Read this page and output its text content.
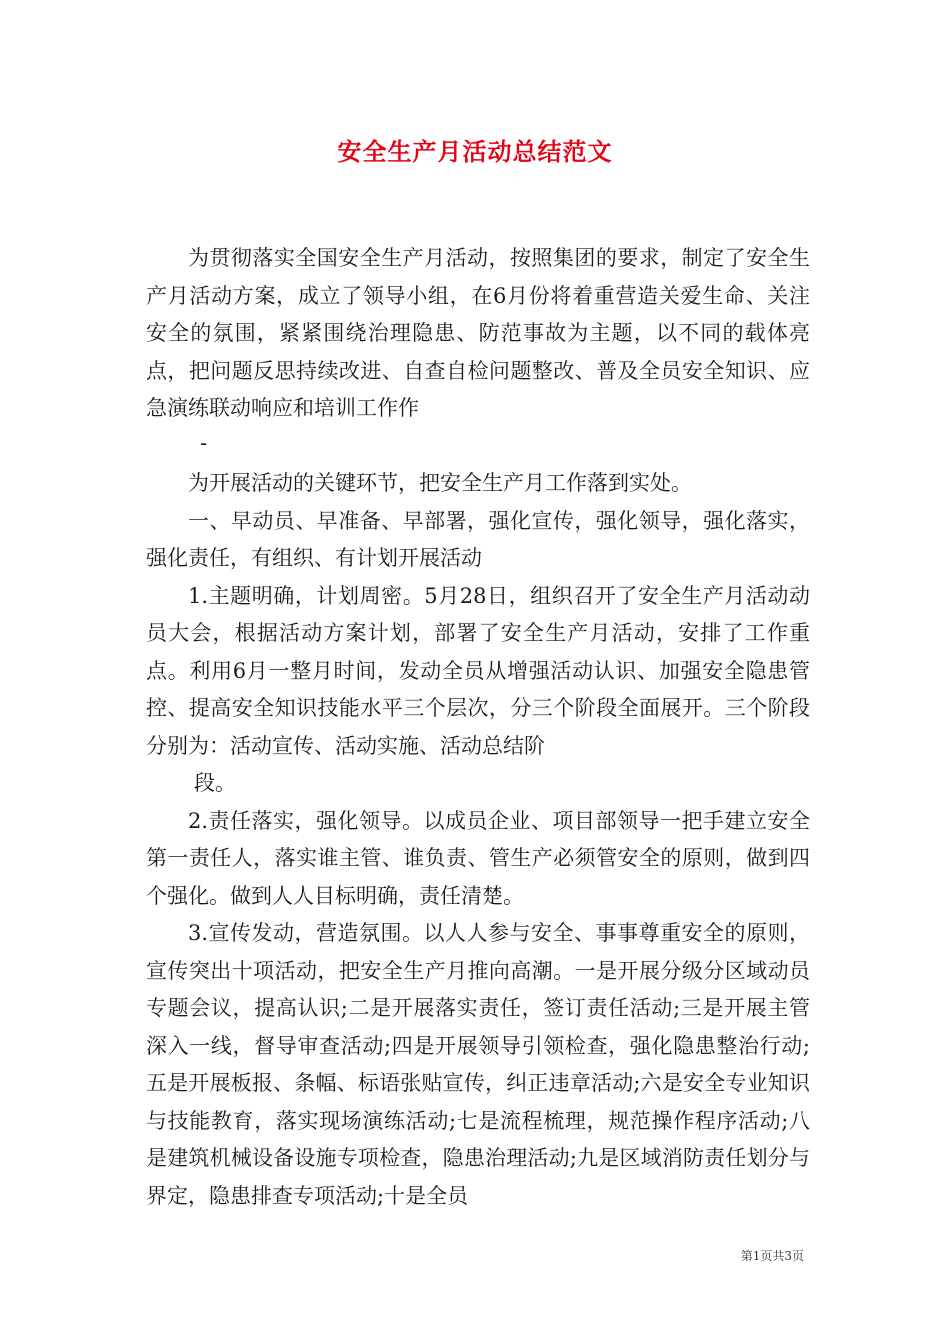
安全生产月活动总结范文

为贯彻落实全国安全生产月活动，按照集团的要求，制定了安全生产月活动方案，成立了领导小组，在6月份将着重营造关爱生命、关注安全的氛围，紧紧围绕治理隐患、防范事故为主题，以不同的载体亮点，把问题反思持续改进、自查自检问题整改、普及全员安全知识、应急演练联动响应和培训工作作

-

为开展活动的关键环节，把安全生产月工作落到实处。

一、早动员、早准备、早部署，强化宣传，强化领导，强化落实，强化责任，有组织、有计划开展活动

1.主题明确，计划周密。5月28日，组织召开了安全生产月活动动员大会，根据活动方案计划，部署了安全生产月活动，安排了工作重点。利用6月一整月时间，发动全员从增强活动认识、加强安全隐患管控、提高安全知识技能水平三个层次，分三个阶段全面展开。三个阶段分别为：活动宣传、活动实施、活动总结阶

段。

2.责任落实，强化领导。以成员企业、项目部领导一把手建立安全第一责任人，落实谁主管、谁负责、管生产必须管安全的原则，做到四个强化。做到人人目标明确，责任清楚。

3.宣传发动，营造氛围。以人人参与安全、事事尊重安全的原则，宣传突出十项活动，把安全生产月推向高潮。一是开展分级分区域动员专题会议，提高认识;二是开展落实责任，签订责任活动;三是开展主管深入一线，督导审查活动;四是开展领导引领检查，强化隐患整治行动;五是开展板报、条幅、标语张贴宣传，纠正违章活动;六是安全专业知识与技能教育，落实现场演练活动;七是流程梳理，规范操作程序活动;八是建筑机械设备设施专项检查，隐患治理活动;九是区域消防责任划分与界定，隐患排查专项活动;十是全员

第1页共3页
